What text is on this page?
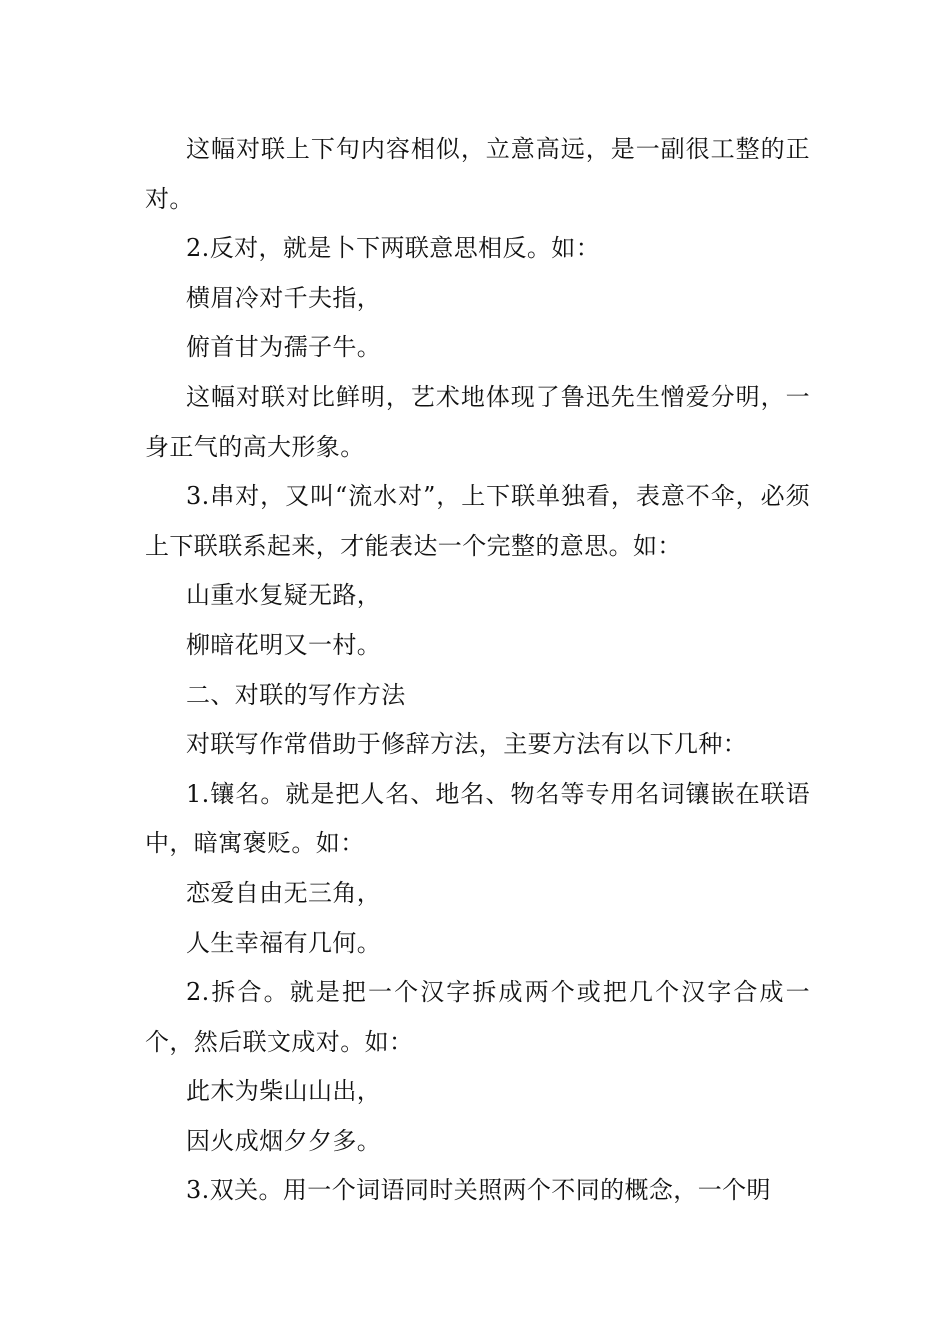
这幅对联上下句内容相似，立意高远，是一副很工整的正对。

2.反对，就是卜下两联意思相反。如：

横眉冷对千夫指，

俯首甘为孺子牛。

这幅对联对比鲜明，艺术地体现了鲁迅先生憎爱分明，一身正气的高大形象。

3.串对，又叫“流水对”，上下联单独看，表意不伞，必须上下联联系起来，才能表达一个完整的意思。如：

山重水复疑无路，

柳暗花明又一村。

二、对联的写作方法

对联写作常借助于修辞方法，主要方法有以下几种：

1.镶名。就是把人名、地名、物名等专用名词镶嵌在联语中，暗寓褒贬。如：

恋爱自由无三角，

人生幸福有几何。

2.拆合。就是把一个汉字拆成两个或把几个汉字合成一个，然后联文成对。如：

此木为柴山山出，

因火成烟夕夕多。

3.双关。用一个词语同时关照两个不同的概念，一个明
